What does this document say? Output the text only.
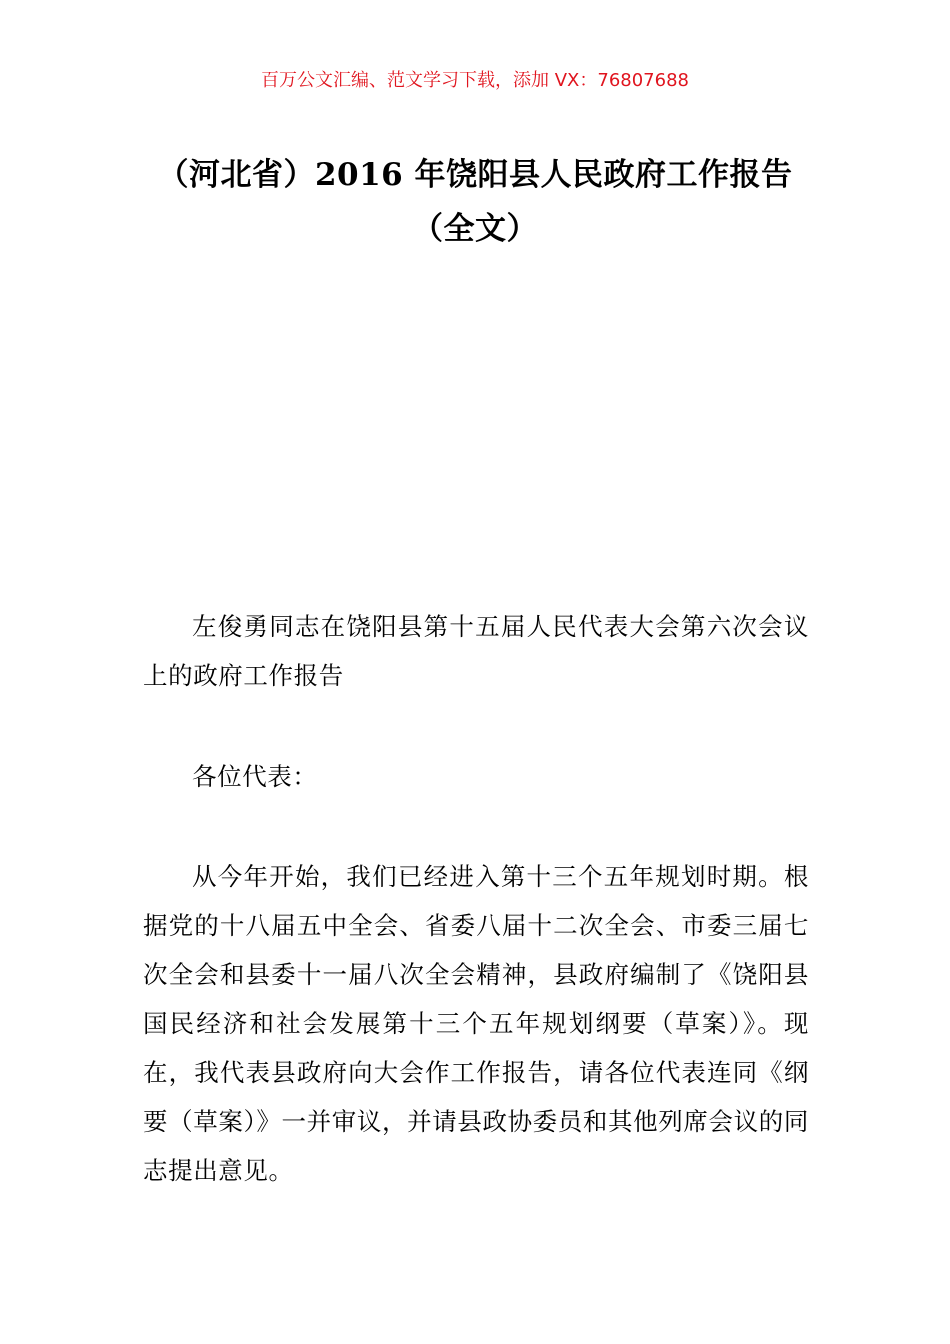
百万公文汇编、范文学习下载，添加 VX：76807688
（河北省）2016 年饶阳县人民政府工作报告（全文）

左俊勇同志在饶阳县第十五届人民代表大会第六次会议上的政府工作报告

各位代表：

从今年开始，我们已经进入第十三个五年规划时期。根据党的十八届五中全会、省委八届十二次全会、市委三届七次全会和县委十一届八次全会精神，县政府编制了《饶阳县国民经济和社会发展第十三个五年规划纲要（草案）》。现在，我代表县政府向大会作工作报告，请各位代表连同《纲要（草案）》一并审议，并请县政协委员和其他列席会议的同志提出意见。
